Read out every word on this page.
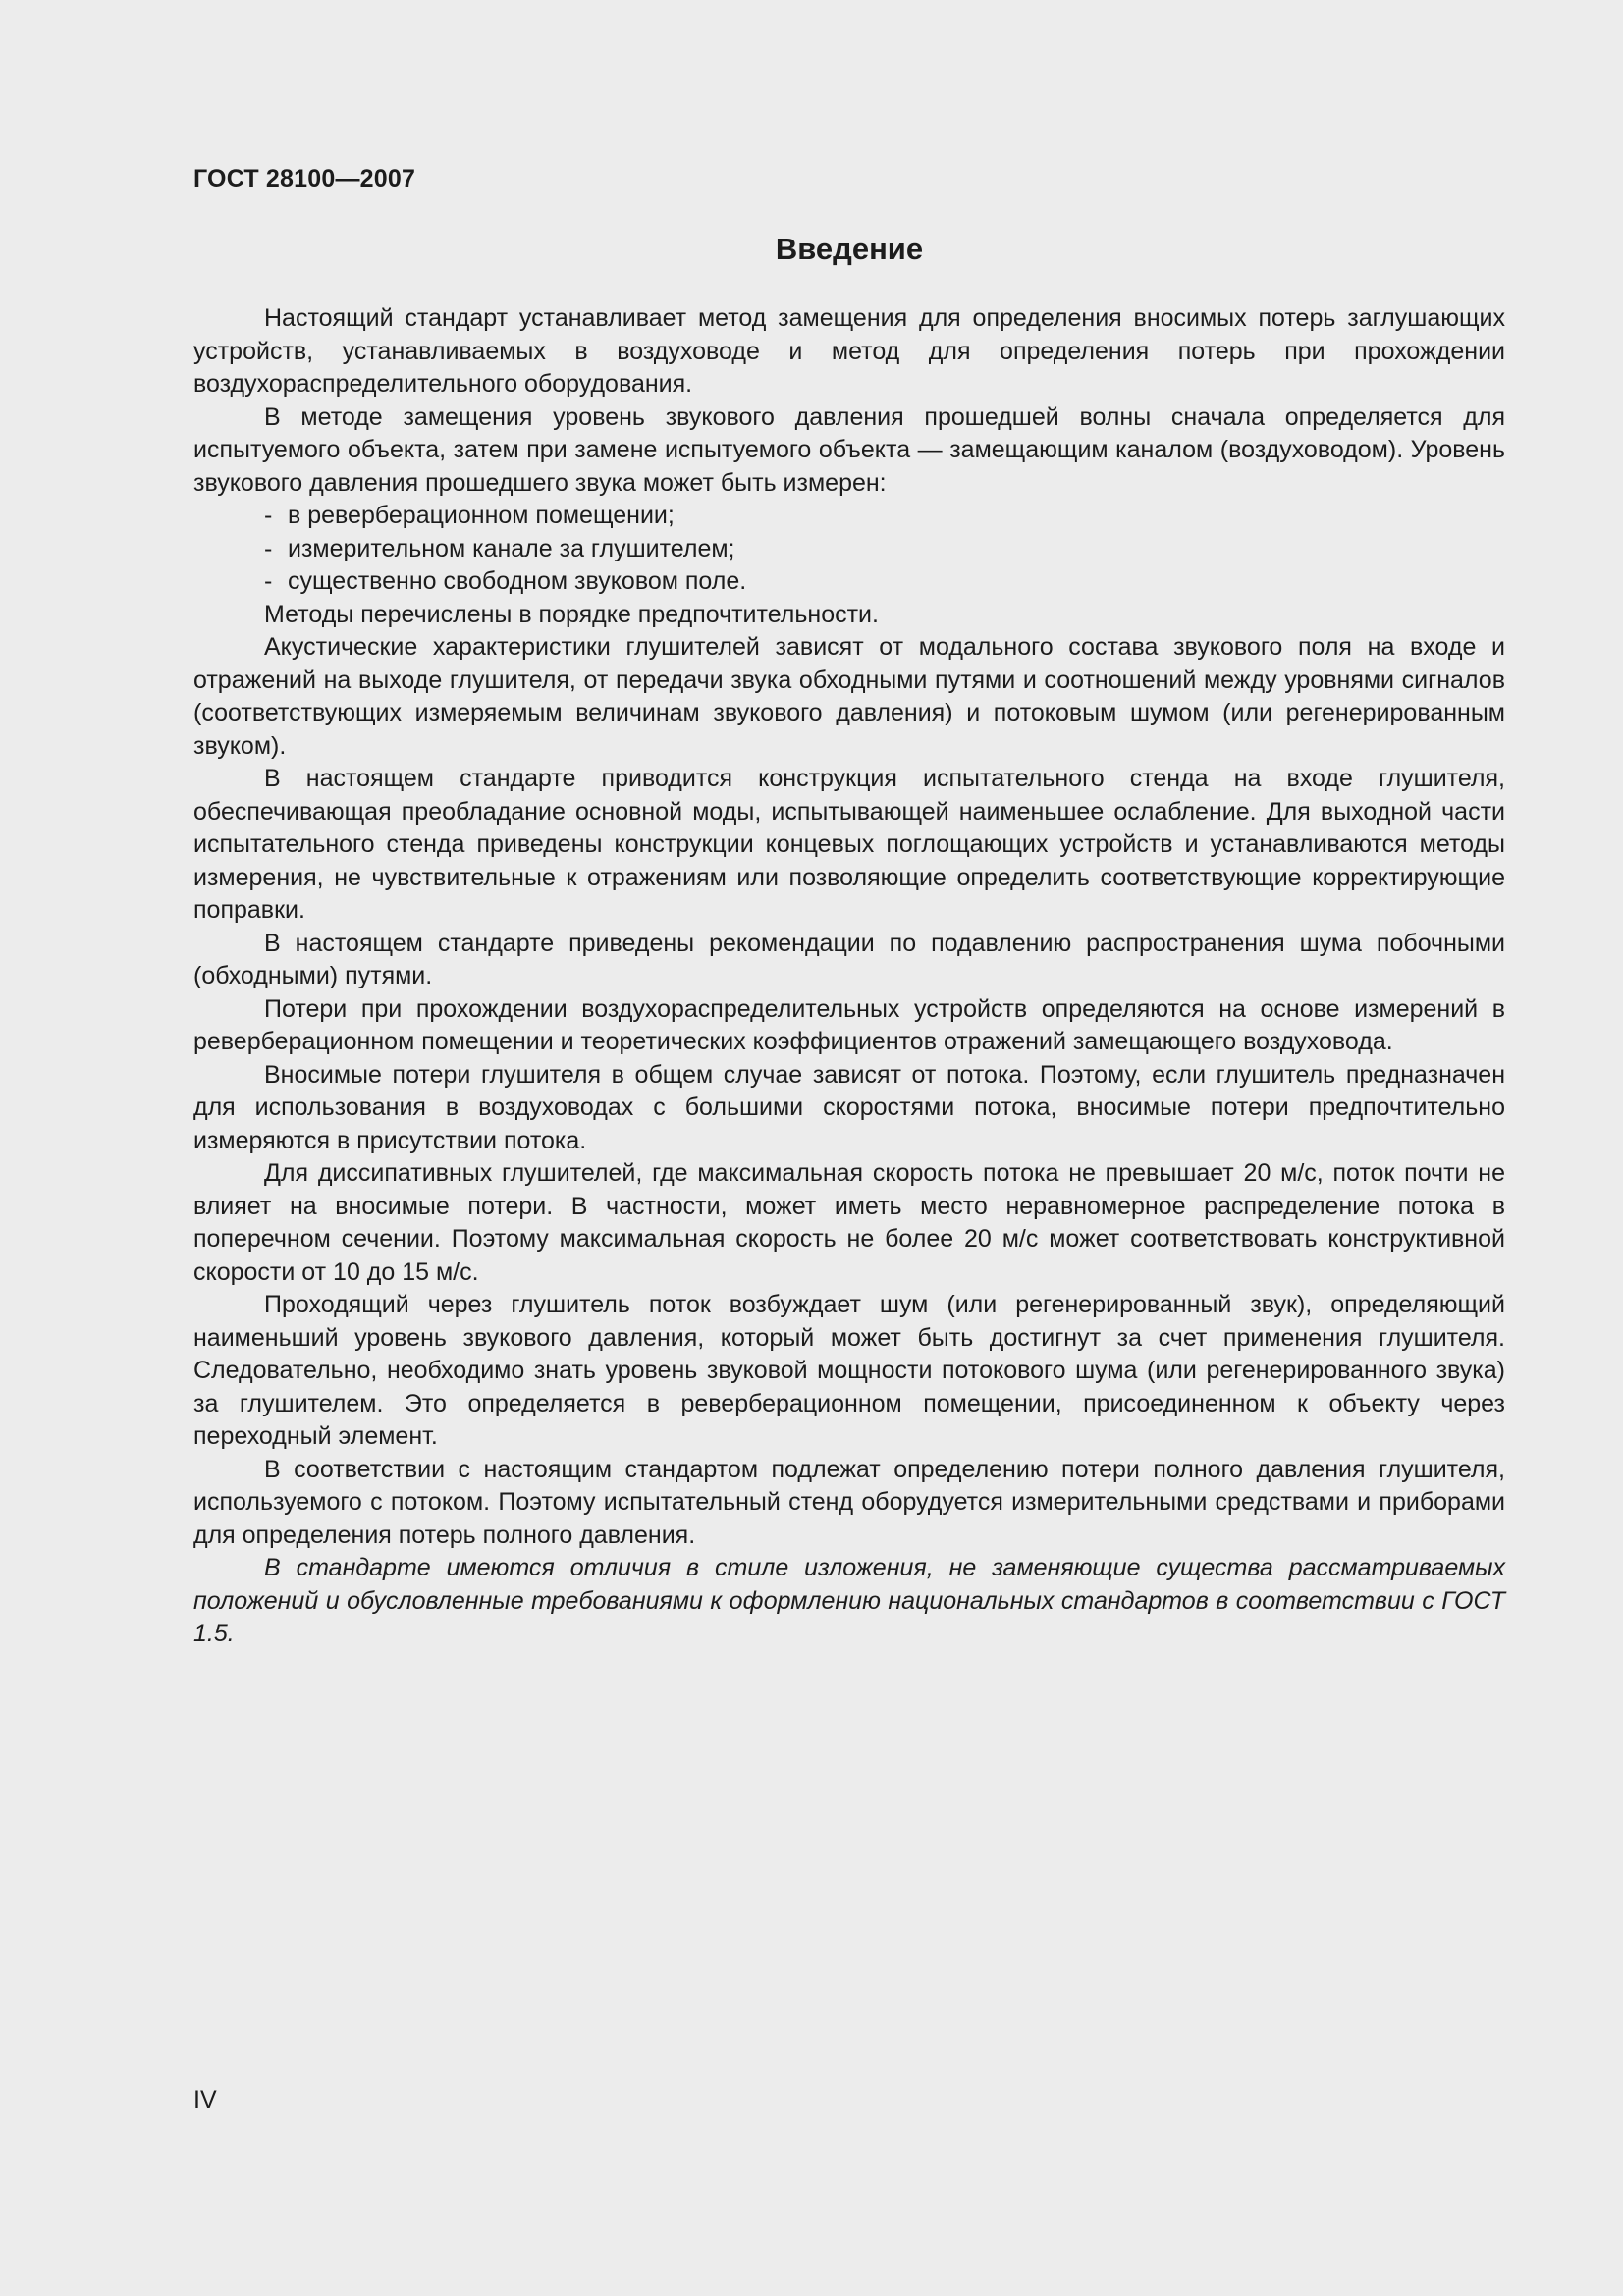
ГОСТ 28100—2007

Введение

Настоящий стандарт устанавливает метод замещения для определения вносимых потерь заглушающих устройств, устанавливаемых в воздуховоде и метод для определения потерь при прохождении воздухораспределительного оборудования.

В методе замещения уровень звукового давления прошедшей волны сначала определяется для испытуемого объекта, затем при замене испытуемого объекта — замещающим каналом (воздуховодом). Уровень звукового давления прошедшего звука может быть измерен:

- в реверберационном помещении;
- измерительном канале за глушителем;
- существенно свободном звуковом поле.

Методы перечислены в порядке предпочтительности.

Акустические характеристики глушителей зависят от модального состава звукового поля на входе и отражений на выходе глушителя, от передачи звука обходными путями и соотношений между уровнями сигналов (соответствующих измеряемым величинам звукового давления) и потоковым шумом (или регенерированным звуком).

В настоящем стандарте приводится конструкция испытательного стенда на входе глушителя, обеспечивающая преобладание основной моды, испытывающей наименьшее ослабление. Для выходной части испытательного стенда приведены конструкции концевых поглощающих устройств и устанавливаются методы измерения, не чувствительные к отражениям или позволяющие определить соответствующие корректирующие поправки.

В настоящем стандарте приведены рекомендации по подавлению распространения шума побочными (обходными) путями.

Потери при прохождении воздухораспределительных устройств определяются на основе измерений в реверберационном помещении и теоретических коэффициентов отражений замещающего воздуховода.

Вносимые потери глушителя в общем случае зависят от потока. Поэтому, если глушитель предназначен для использования в воздуховодах с большими скоростями потока, вносимые потери предпочтительно измеряются в присутствии потока.

Для диссипативных глушителей, где максимальная скорость потока не превышает 20 м/с, поток почти не влияет на вносимые потери. В частности, может иметь место неравномерное распределение потока в поперечном сечении. Поэтому максимальная скорость не более 20 м/с может соответствовать конструктивной скорости от 10 до 15 м/с.

Проходящий через глушитель поток возбуждает шум (или регенерированный звук), определяющий наименьший уровень звукового давления, который может быть достигнут за счет применения глушителя. Следовательно, необходимо знать уровень звуковой мощности потокового шума (или регенерированного звука) за глушителем. Это определяется в реверберационном помещении, присоединенном к объекту через переходный элемент.

В соответствии с настоящим стандартом подлежат определению потери полного давления глушителя, используемого с потоком. Поэтому испытательный стенд оборудуется измерительными средствами и приборами для определения потерь полного давления.

В стандарте имеются отличия в стиле изложения, не заменяющие существа рассматриваемых положений и обусловленные требованиями к оформлению национальных стандартов в соответствии с ГОСТ 1.5.

IV
